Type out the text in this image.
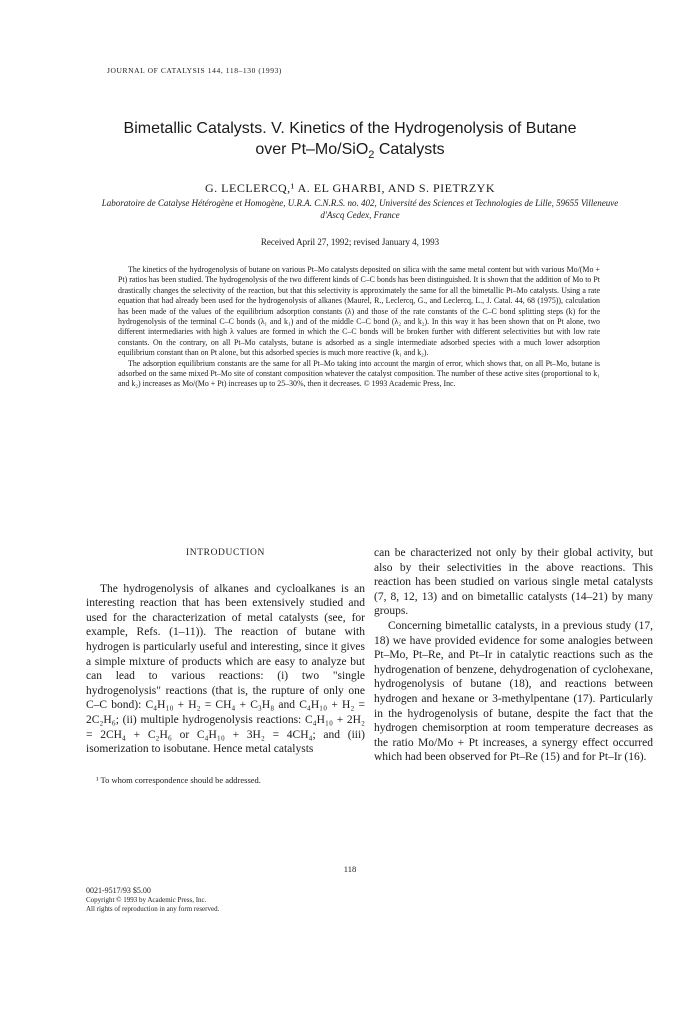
JOURNAL OF CATALYSIS 144, 118–130 (1993)
Bimetallic Catalysts. V. Kinetics of the Hydrogenolysis of Butane
over Pt–Mo/SiO$_2$ Catalysts
G. LECLERCQ,¹ A. EL GHARBI, AND S. PIETRZYK
Laboratoire de Catalyse Hétérogène et Homogène, U.R.A. C.N.R.S. no. 402, Université des Sciences et Technologies de Lille, 59655 Villeneuve d'Ascq Cedex, France
Received April 27, 1992; revised January 4, 1993

The kinetics of the hydrogenolysis of butane on various Pt–Mo catalysts deposited on silica with the same metal content but with various Mo/(Mo + Pt) ratios has been studied. The hydrogenolysis of the two different kinds of C–C bonds has been distinguished. It is shown that the addition of Mo to Pt drastically changes the selectivity of the reaction, but that this selectivity is approximately the same for all the bimetallic Pt–Mo catalysts. Using a rate equation that had already been used for the hydrogenolysis of alkanes (Maurel, R., Leclercq, G., and Leclercq, L., J. Catal. 44, 68 (1975)), calculation has been made of the values of the equilibrium adsorption constants (λ) and those of the rate constants of the C–C bond splitting steps (k) for the hydrogenolysis of the terminal C–C bonds (λ₁ and k₁) and of the middle C–C bond (λ₂ and k₂). In this way it has been shown that on Pt alone, two different intermediaries with high λ values are formed in which the C–C bonds will be broken further with different selectivities but with low rate constants. On the contrary, on all Pt–Mo catalysts, butane is adsorbed as a single intermediate adsorbed species with a much lower adsorption equilibrium constant than on Pt alone, but this adsorbed species is much more reactive (k₁ and k₂).

The adsorption equilibrium constants are the same for all Pt–Mo taking into account the margin of error, which shows that, on all Pt–Mo, butane is adsorbed on the same mixed Pt–Mo site of constant composition whatever the catalyst composition. The number of these active sites (proportional to k₁ and k₂) increases as Mo/(Mo + Pt) increases up to 25–30%, then it decreases. © 1993 Academic Press, Inc.

INTRODUCTION

The hydrogenolysis of alkanes and cycloalkanes is an interesting reaction that has been extensively studied and used for the characterization of metal catalysts (see, for example, Refs. (1–11)). The reaction of butane with hydrogen is particularly useful and interesting, since it gives a simple mixture of products which are easy to analyze but can lead to various reactions: (i) two "single hydrogenolysis" reactions (that is, the rupture of only one C–C bond): C₄H₁₀ + H₂ = CH₄ + C₃H₈ and C₄H₁₀ + H₂ = 2C₂H₆; (ii) multiple hydrogenolysis reactions: C₄H₁₀ + 2H₂ = 2CH₄ + C₂H₆ or C₄H₁₀ + 3H₂ = 4CH₄; and (iii) isomerization to isobutane. Hence metal catalysts

¹ To whom correspondence should be addressed.

can be characterized not only by their global activity, but also by their selectivities in the above reactions. This reaction has been studied on various single metal catalysts (7, 8, 12, 13) and on bimetallic catalysts (14–21) by many groups.

Concerning bimetallic catalysts, in a previous study (17, 18) we have provided evidence for some analogies between Pt–Mo, Pt–Re, and Pt–Ir in catalytic reactions such as the hydrogenation of benzene, dehydrogenation of cyclohexane, hydrogenolysis of butane (18), and reactions between hydrogen and hexane or 3-methylpentane (17). Particularly in the hydrogenolysis of butane, despite the fact that the hydrogen chemisorption at room temperature decreases as the ratio Mo/Mo + Pt increases, a synergy effect occurred which had been observed for Pt–Re (15) and for Pt–Ir (16).

118
0021-9517/93 $5.00
Copyright © 1993 by Academic Press, Inc.
All rights of reproduction in any form reserved.
